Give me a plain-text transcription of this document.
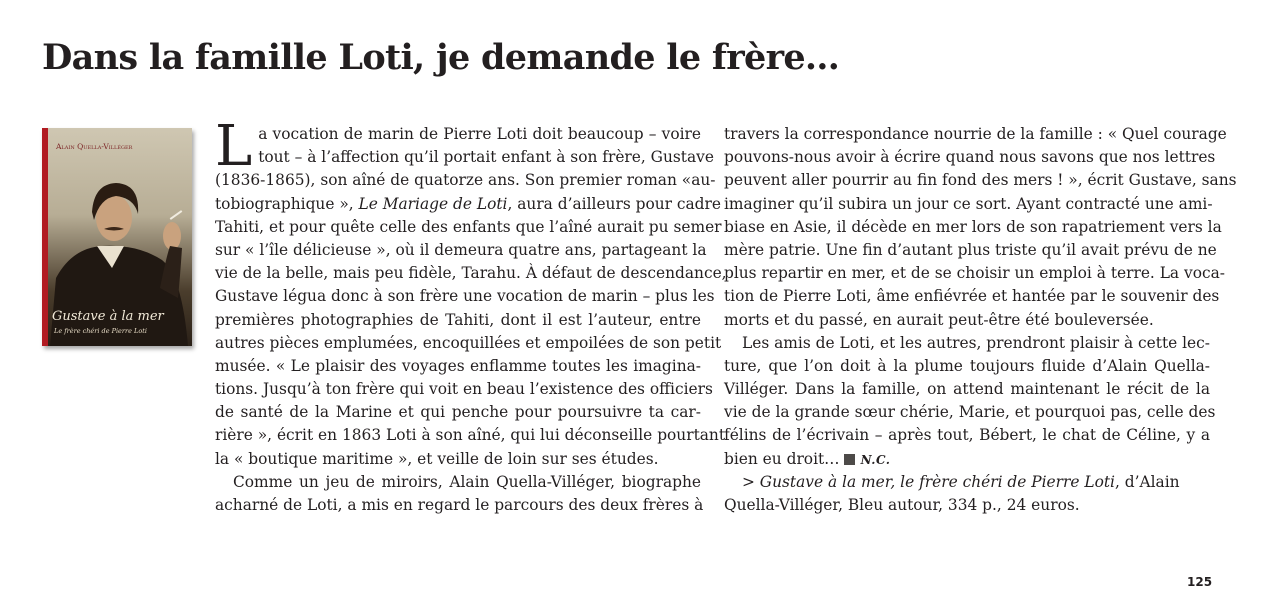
Dans la famille Loti, je demande le frère…
Alain Quella-Villéger
Gustave à la mer
Le frère chéri de Pierre Loti
L a vocation de marin de Pierre Loti doit beaucoup – voire
tout – à l’affection qu’il portait enfant à son frère, Gustave
(1836-1865), son aîné de quatorze ans. Son premier roman «au-
tobiographique », Le Mariage de Loti, aura d’ailleurs pour cadre
Tahiti, et pour quête celle des enfants que l’aîné aurait pu semer
sur « l’île délicieuse », où il demeura quatre ans, partageant la
vie de la belle, mais peu fidèle, Tarahu. À défaut de descendance,
Gustave légua donc à son frère une vocation de marin – plus les
premières photographies de Tahiti, dont il est l’auteur, entre
autres pièces emplumées, encoquillées et empoilées de son petit
musée. « Le plaisir des voyages enflamme toutes les imagina-
tions. Jusqu’à ton frère qui voit en beau l’existence des officiers
de santé de la Marine et qui penche pour poursuivre ta car-
rière », écrit en 1863 Loti à son aîné, qui lui déconseille pourtant
la « boutique maritime », et veille de loin sur ses études.
Comme un jeu de miroirs, Alain Quella-Villéger, biographe
acharné de Loti, a mis en regard le parcours des deux frères à
travers la correspondance nourrie de la famille : « Quel courage
pouvons-nous avoir à écrire quand nous savons que nos lettres
peuvent aller pourrir au fin fond des mers ! », écrit Gustave, sans
imaginer qu’il subira un jour ce sort. Ayant contracté une ami-
biase en Asie, il décède en mer lors de son rapatriement vers la
mère patrie. Une fin d’autant plus triste qu’il avait prévu de ne
plus repartir en mer, et de se choisir un emploi à terre. La voca-
tion de Pierre Loti, âme enfiévrée et hantée par le souvenir des
morts et du passé, en aurait peut-être été bouleversée.
Les amis de Loti, et les autres, prendront plaisir à cette lec-
ture, que l’on doit à la plume toujours fluide d’Alain Quella-
Villéger. Dans la famille, on attend maintenant le récit de la
vie de la grande sœur chérie, Marie, et pourquoi pas, celle des
félins de l’écrivain – après tout, Bébert, le chat de Céline, y a
bien eu droit… N.C.
> Gustave à la mer, le frère chéri de Pierre Loti, d’Alain
Quella-Villéger, Bleu autour, 334 p., 24 euros.
125
